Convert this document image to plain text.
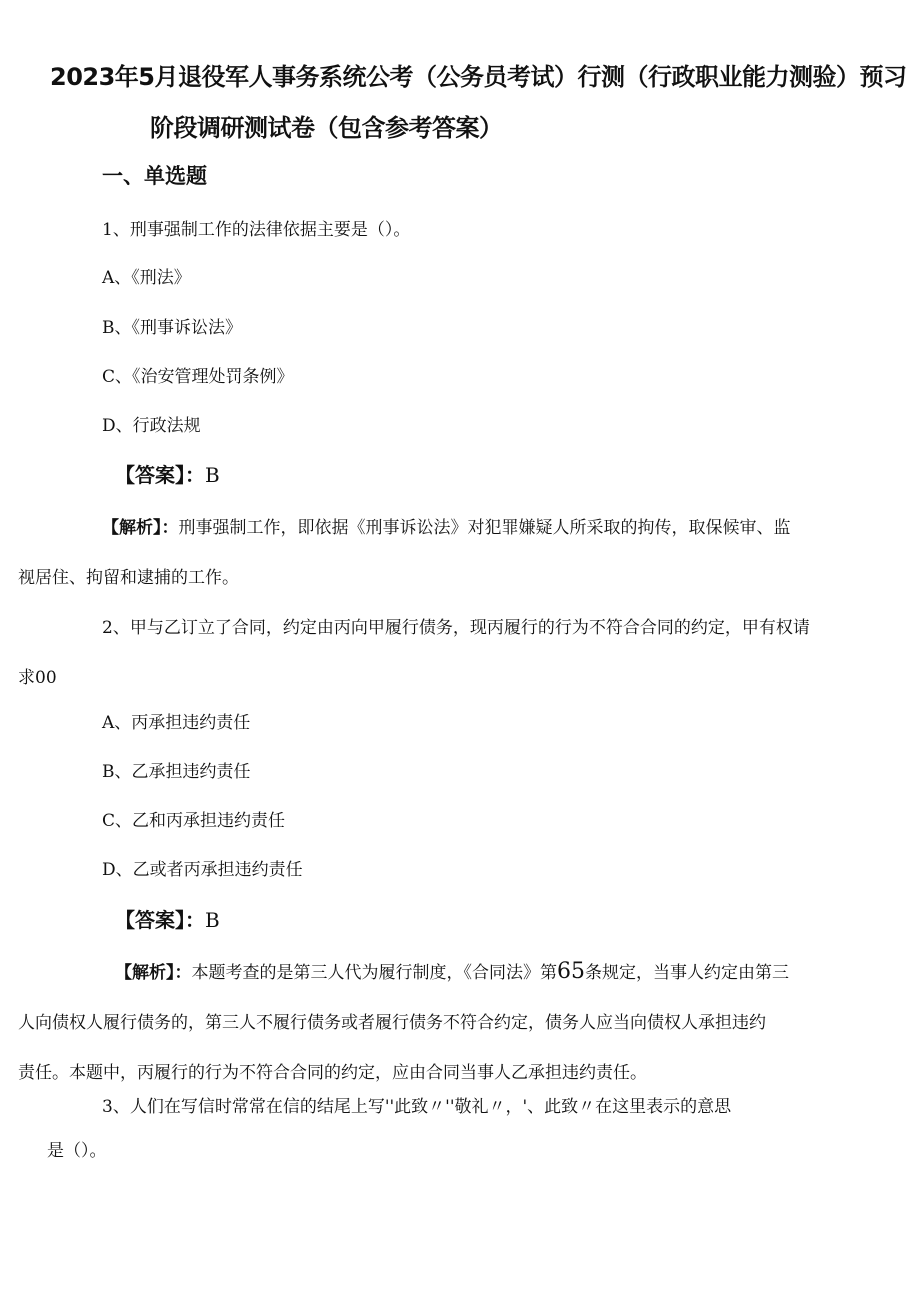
2023年5月退役军人事务系统公考（公务员考试）行测（行政职业能力测验）预习
阶段调研测试卷（包含参考答案）
一、单选题
1、刑事强制工作的法律依据主要是（）。
A、《刑法》
B、《刑事诉讼法》
C、《治安管理处罚条例》
D、行政法规
【答案】：B
【解析】：刑事强制工作，即依据《刑事诉讼法》对犯罪嫌疑人所采取的拘传，取保候审、监
视居住、拘留和逮捕的工作。
2、甲与乙订立了合同，约定由丙向甲履行债务，现丙履行的行为不符合合同的约定，甲有权请
求00
A、丙承担违约责任
B、乙承担违约责任
C、乙和丙承担违约责任
D、乙或者丙承担违约责任
【答案】：B
【解析】：本题考查的是第三人代为履行制度，《合同法》第65条规定，当事人约定由第三
人向债权人履行债务的，第三人不履行债务或者履行债务不符合约定，债务人应当向债权人承担违约
责任。本题中，丙履行的行为不符合合同的约定，应由合同当事人乙承担违约责任。
3、人们在写信时常常在信的结尾上写''此致〃''敬礼〃，'、此致〃在这里表示的意思
是（）。
